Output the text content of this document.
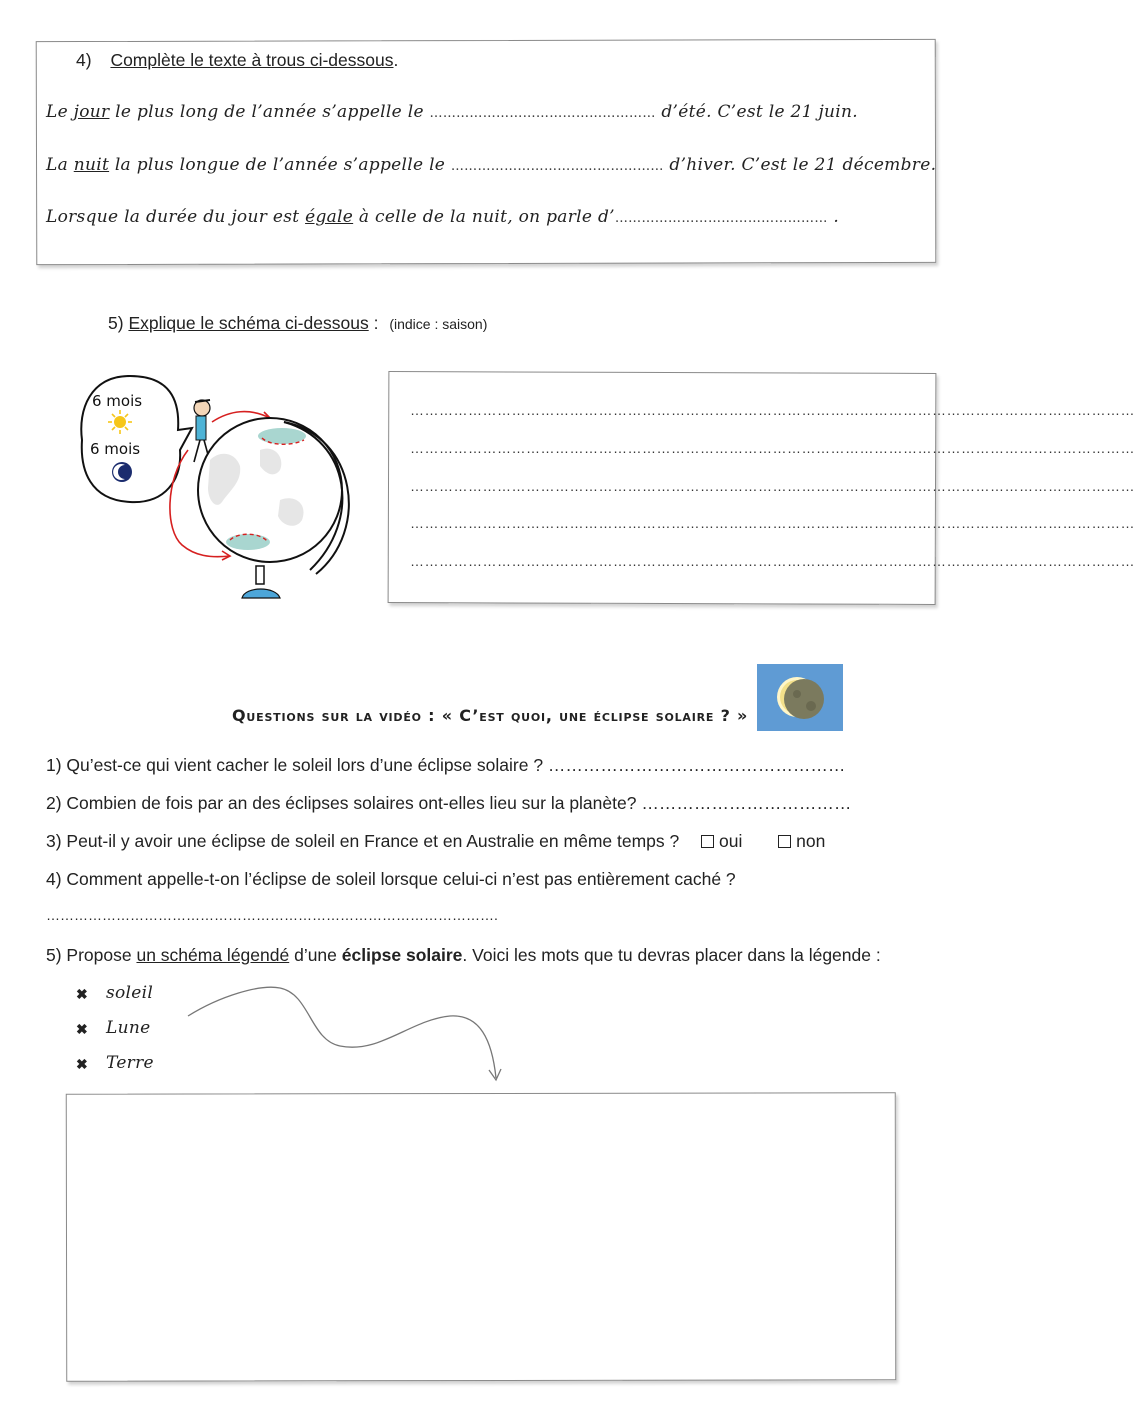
4) Complète le texte à trous ci-dessous.
Le jour le plus long de l’année s’appelle le …………………………………………… d’été. C’est le 21 juin.
La nuit la plus longue de l’année s’appelle le ………………………………………… d’hiver. C’est le 21 décembre.
Lorsque la durée du jour est égale à celle de la nuit, on parle d’………………………………………… .
5) Explique le schéma ci-dessous : (indice : saison)
6 mois
6 mois
……………………………………………………………………………………………………………………………………
……………………………………………………………………………………………………………………………………
……………………………………………………………………………………………………………………………………
……………………………………………………………………………………………………………………………………
……………………………………………………………………………………………………………………………………
Questions sur la vidéo : « C’est quoi, une éclipse solaire ? »
1) Qu’est-ce qui vient cacher le soleil lors d’une éclipse solaire ? ……………………………………………
2) Combien de fois par an des éclipses solaires ont-elles lieu sur la planète? ………………………………
3) Peut-il y avoir une éclipse de soleil en France et en Australie en même temps ? oui	non
4) Comment appelle-t-on l’éclipse de soleil lorsque celui-ci n’est pas entièrement caché ?
…………………………………………………………………………………….
5) Propose un schéma légendé d’une éclipse solaire. Voici les mots que tu devras placer dans la légende :
✖ soleil
✖ Lune
✖ Terre
